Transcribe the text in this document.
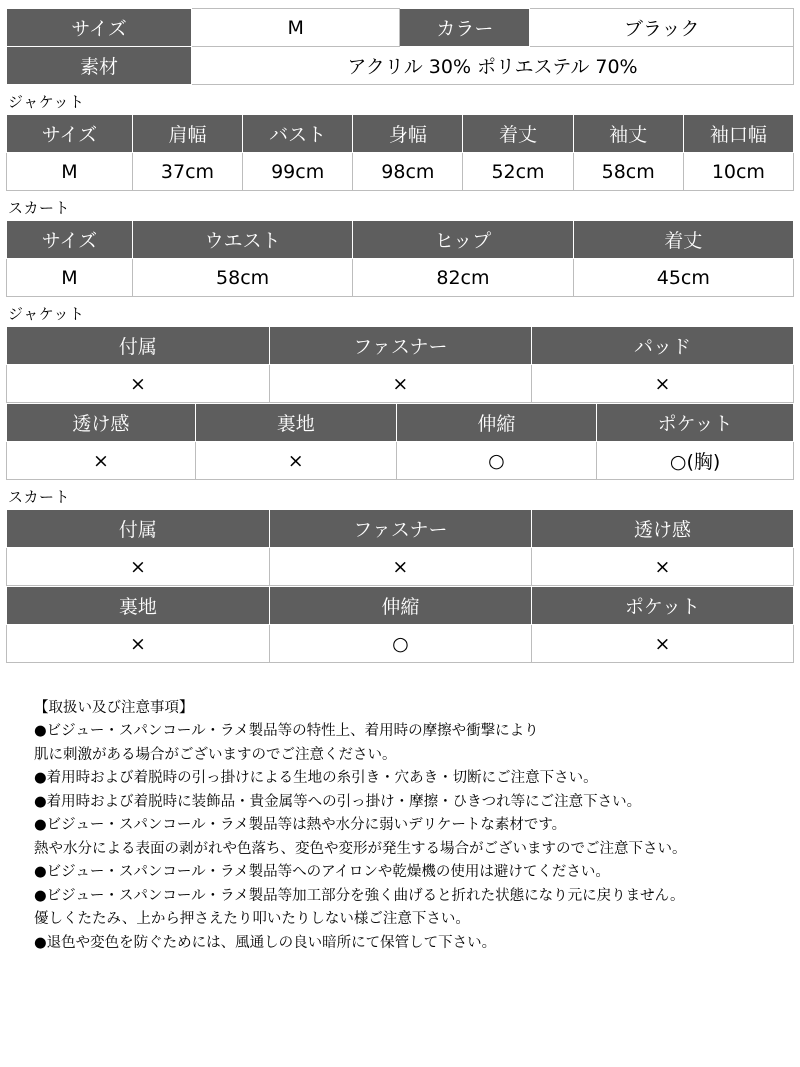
サイズ	M	カラー	ブラック
素材	アクリル 30% ポリエステル 70%		
ジャケット
サイズ	肩幅	バスト	身幅	着丈	袖丈	袖口幅
M	37cm	99cm	98cm	52cm	58cm	10cm
スカート
サイズ	ウエスト	ヒップ	着丈
M	58cm	82cm	45cm
ジャケット
付属	ファスナー	パッド
×	×	×
透け感	裏地	伸縮	ポケット
×	×	○	○(胸)
スカート
付属	ファスナー	透け感
×	×	×
裏地	伸縮	ポケット
×	○	×
【取扱い及び注意事項】
●ビジュー・スパンコール・ラメ製品等の特性上、着用時の摩擦や衝撃により
肌に刺激がある場合がございますのでご注意ください。
●着用時および着脱時の引っ掛けによる生地の糸引き・穴あき・切断にご注意下さい。
●着用時および着脱時に装飾品・貴金属等への引っ掛け・摩擦・ひきつれ等にご注意下さい。
●ビジュー・スパンコール・ラメ製品等は熱や水分に弱いデリケートな素材です。
熱や水分による表面の剥がれや色落ち、変色や変形が発生する場合がございますのでご注意下さい。
●ビジュー・スパンコール・ラメ製品等へのアイロンや乾燥機の使用は避けてください。
●ビジュー・スパンコール・ラメ製品等加工部分を強く曲げると折れた状態になり元に戻りません。
優しくたたみ、上から押さえたり叩いたりしない様ご注意下さい。
●退色や変色を防ぐためには、風通しの良い暗所にて保管して下さい。
